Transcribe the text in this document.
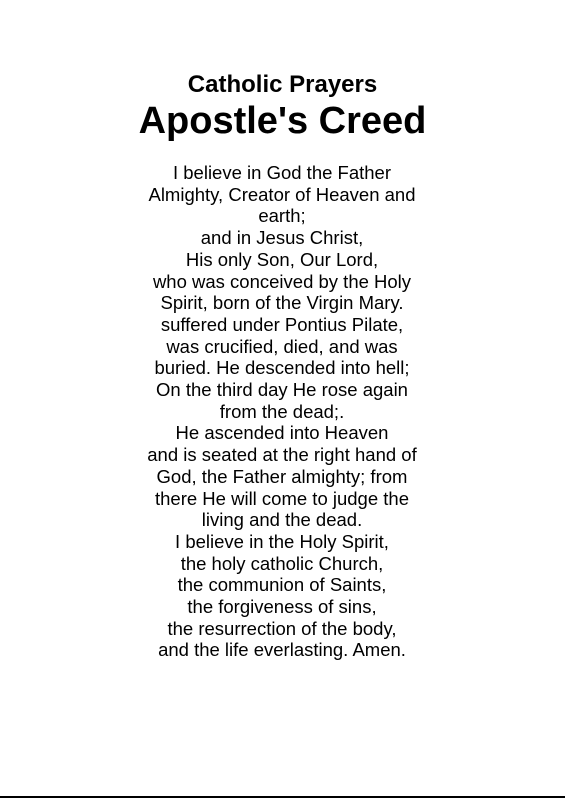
Catholic Prayers
Apostle's Creed
I believe in God the Father
Almighty, Creator of Heaven and
earth;
and in Jesus Christ,
His only Son, Our Lord,
who was conceived by the Holy
Spirit, born of the Virgin Mary.
suffered under Pontius Pilate,
was crucified, died, and was
buried. He descended into hell;
On the third day He rose again
from the dead;.
He ascended into Heaven
and is seated at the right hand of
God, the Father almighty; from
there He will come to judge the
living and the dead.
I believe in the Holy Spirit,
the holy catholic Church,
the communion of Saints,
the forgiveness of sins,
the resurrection of the body,
and the life everlasting. Amen.
